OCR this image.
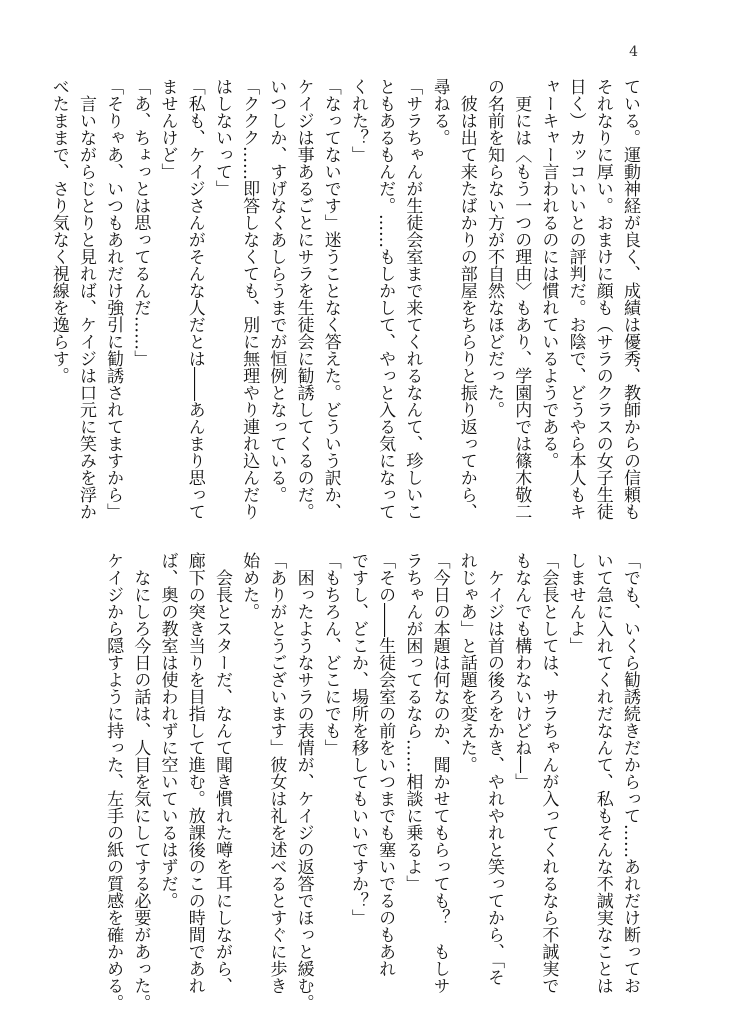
4
ている。運動神経が良く、成績は優秀、教師からの信頼も
それなりに厚い。おまけに顔も（サラのクラスの女子生徒
日く）カッコいいとの評判だ。お陰で、どうやら本人もキ
ャーキャー言われるのには慣れているようである。
　更には〈もう一つの理由〉もあり、学園内では篠木敬二
の名前を知らない方が不自然なほどだった。
　彼は出て来たばかりの部屋をちらりと振り返ってから、
尋ねる。
「サラちゃんが生徒会室まで来てくれるなんて、珍しいこ
ともあるもんだ。……もしかして、やっと入る気になって
くれた？」
「なってないです」迷うことなく答えた。どういう訳か、
ケイジは事あるごとにサラを生徒会に勧誘してくるのだ。
いつしか、すげなくあしらうまでが恒例となっている。
「ククク……即答しなくても、別に無理やり連れ込んだり
はしないって」
「私も、ケイジさんがそんな人だとは――あんまり思って
ませんけど」
「あ、ちょっとは思ってるんだ……」
「そりゃあ、いつもあれだけ強引に勧誘されてますから」
　言いながらじとりと見れば、ケイジは口元に笑みを浮か
べたままで、さり気なく視線を逸らす。
「でも、いくら勧誘続きだからって……あれだけ断ってお
いて急に入れてくれだなんて、私もそんな不誠実なことは
しませんよ」
「会長としては、サラちゃんが入ってくれるなら不誠実で
もなんでも構わないけどね―」
　ケイジは首の後ろをかき、やれやれと笑ってから、「そ
れじゃあ」と話題を変えた。
「今日の本題は何なのか、聞かせてもらっても？　もしサ
ラちゃんが困ってるなら……相談に乗るよ」
「その――生徒会室の前をいつまでも塞いでるのもあれ
ですし、どこか、場所を移してもいいですか？」
「もちろん、どこにでも」
　困ったようなサラの表情が、ケイジの返答でほっと緩む。
「ありがとうございます」彼女は礼を述べるとすぐに歩き
始めた。
　会長とスターだ、なんて聞き慣れた噂を耳にしながら、
廊下の突き当りを目指して進む。放課後のこの時間であれ
ば、奥の教室は使われずに空いているはずだ。
　なにしろ今日の話は、人目を気にしてする必要があった。
ケイジから隠すように持った、左手の紙の質感を確かめる。
